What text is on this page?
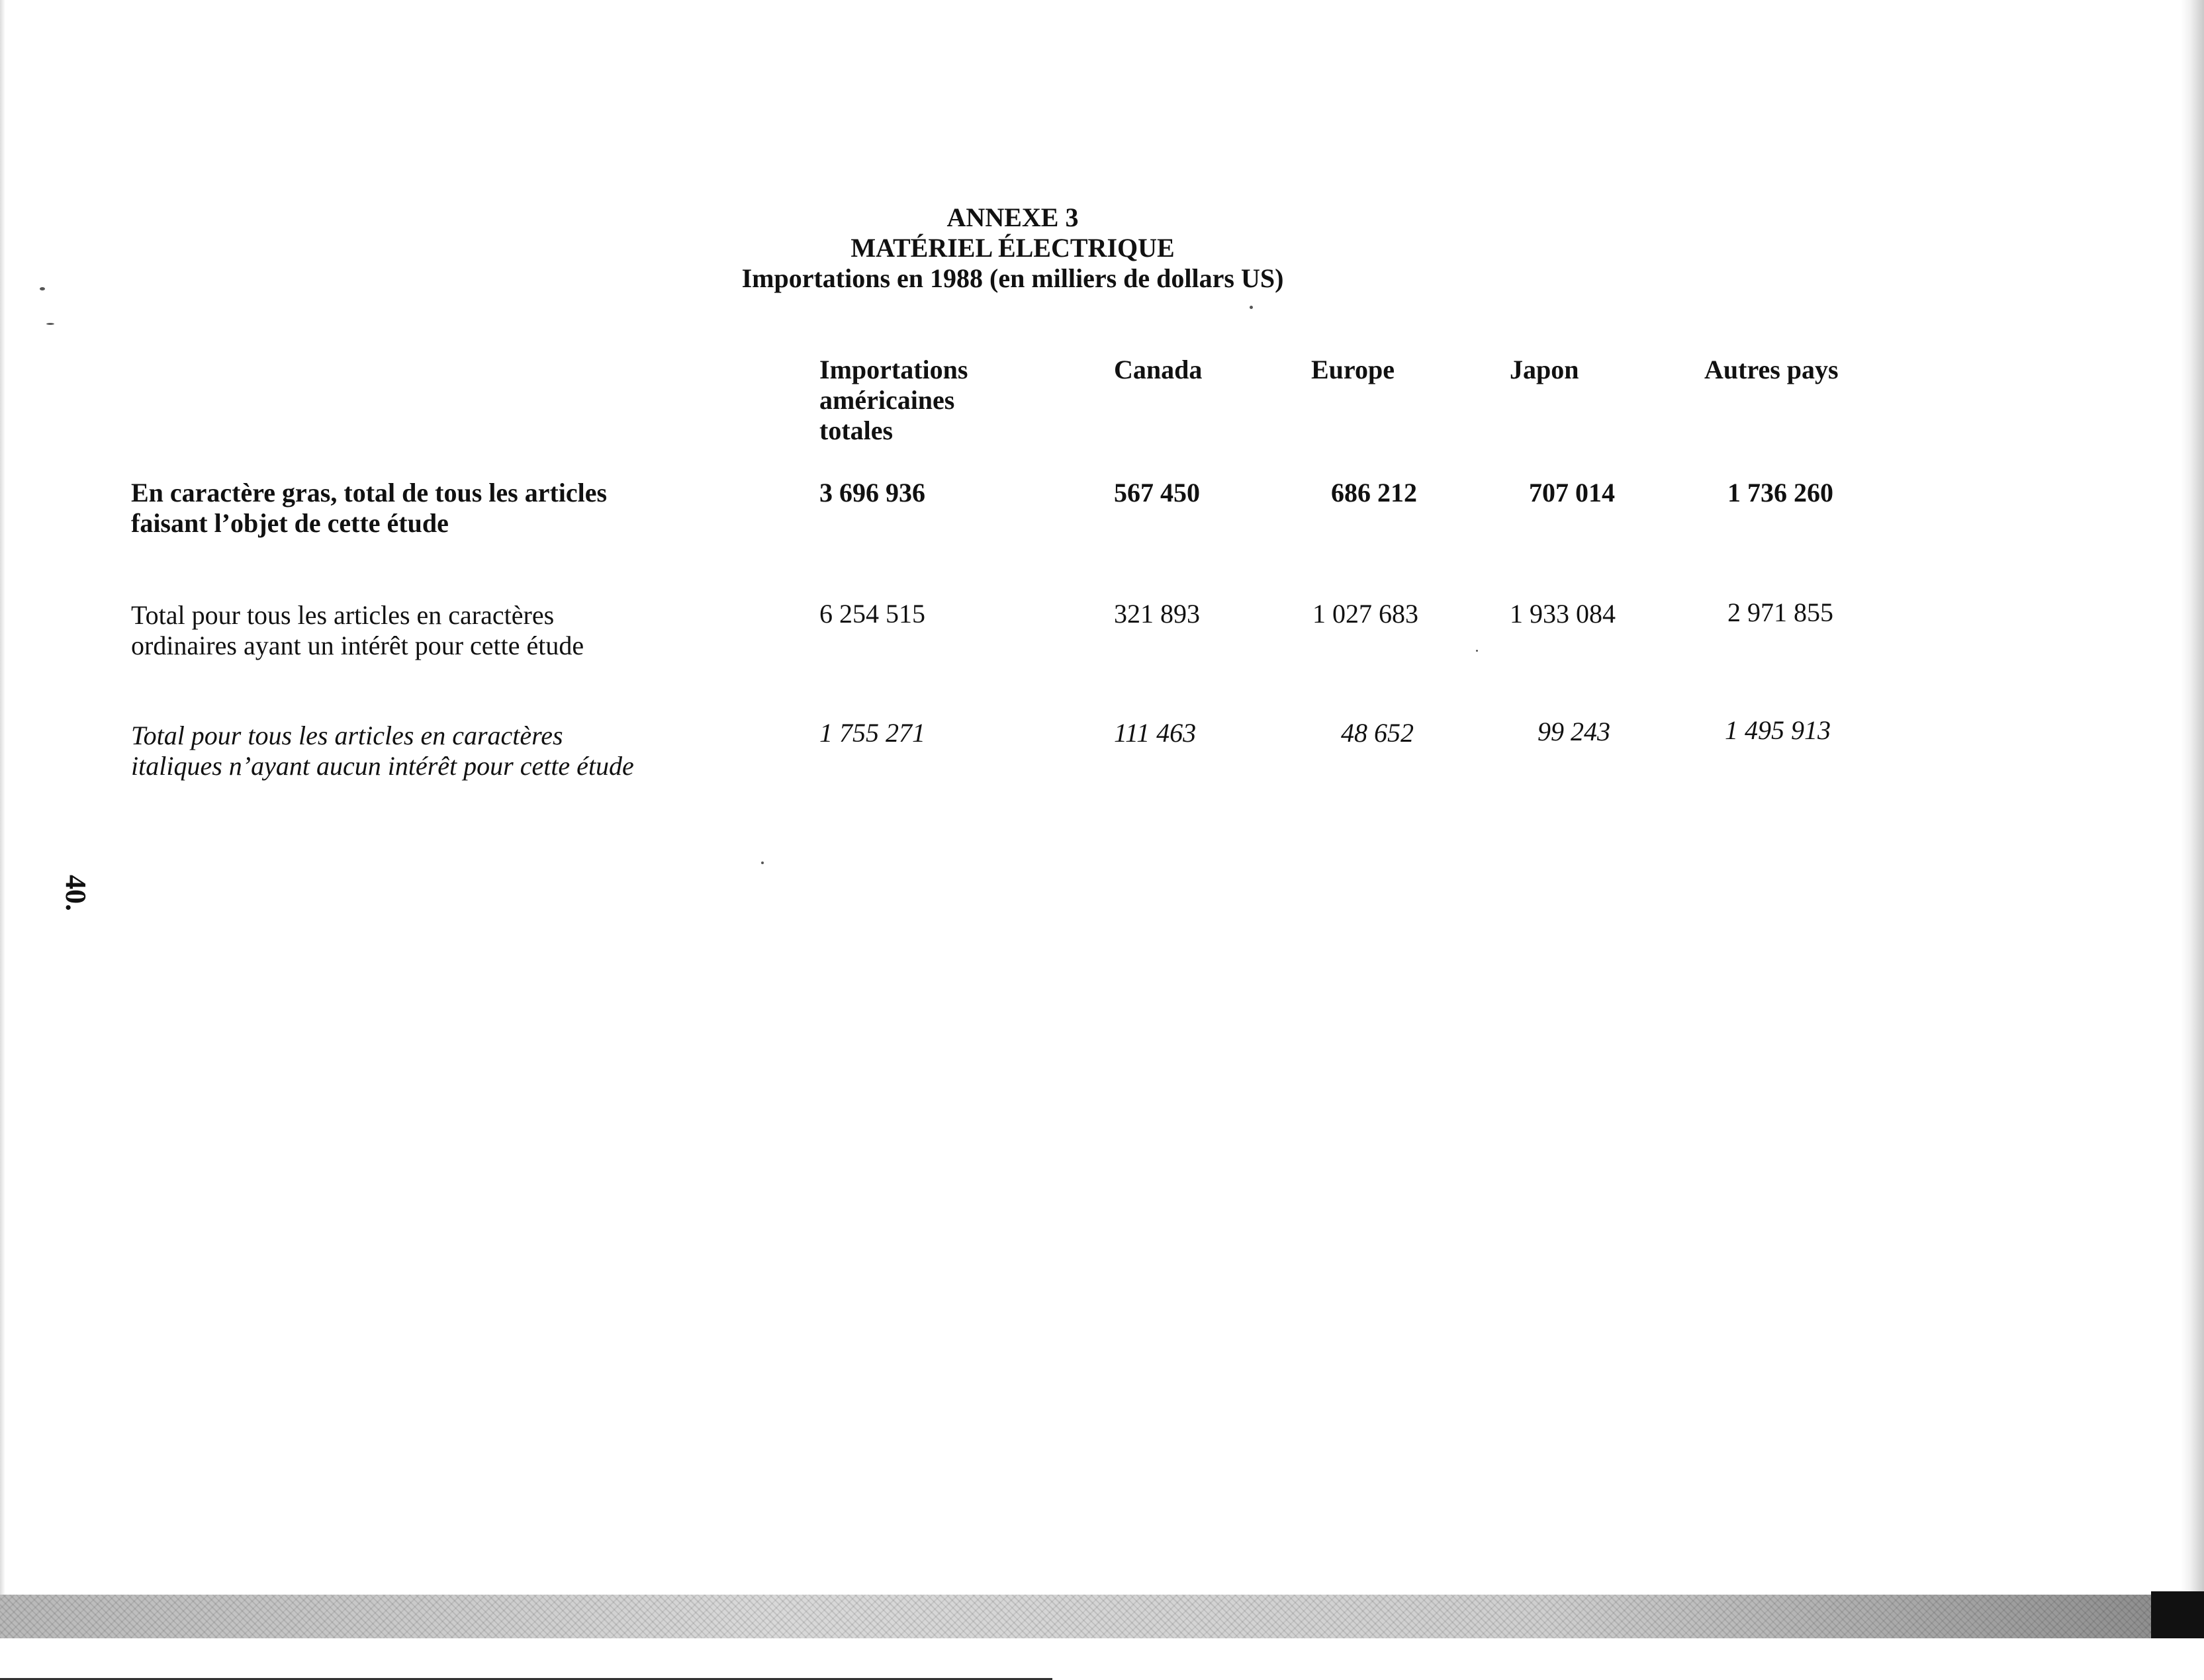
ANNEXE 3
MATÉRIEL ÉLECTRIQUE
Importations en 1988 (en milliers de dollars US)
Importations
américaines
totales
Canada	Europe	Japon	Autres pays
En caractère gras, total de tous les articles
faisant l’objet de cette étude
3 696 936	567 450	686 212	707 014	1 736 260
Total pour tous les articles en caractères
ordinaires ayant un intérêt pour cette étude
6 254 515	321 893	1 027 683	1 933 084	2 971 855
Total pour tous les articles en caractères
italiques n’ayant aucun intérêt pour cette étude
1 755 271	111 463	48 652	99 243	1 495 913
40.
